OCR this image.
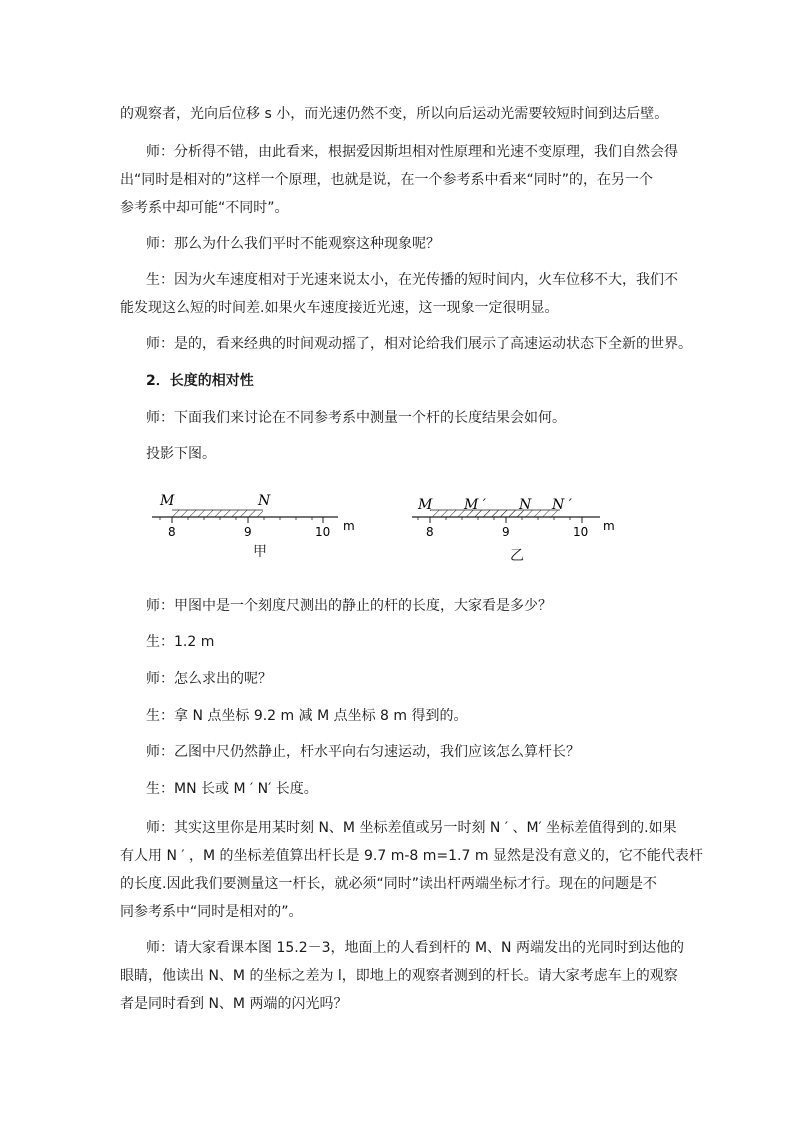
的观察者，光向后位移 s 小，而光速仍然不变，所以向后运动光需要较短时间到达后壁。

师：分析得不错，由此看来，根据爱因斯坦相对性原理和光速不变原理，我们自然会得

出“同时是相对的”这样一个原理，也就是说，在一个参考系中看来“同时”的，在另一个
参考系中却可能“不同时”。

师：那么为什么我们平时不能观察这种现象呢？

生：因为火车速度相对于光速来说太小，在光传播的短时间内，火车位移不大，我们不

能发现这么短的时间差.如果火车速度接近光速，这一现象一定很明显。

师：是的，看来经典的时间观动摇了，相对论给我们展示了高速运动状态下全新的世界。

2．长度的相对性

师：下面我们来讨论在不同参考系中测量一个杆的长度结果会如何。

投影下图。

M	N
8	9	10 m
甲
M M ′ N N ′
8	9	10 m
乙

师：甲图中是一个刻度尺测出的静止的杆的长度，大家看是多少？

生：1.2 m

师：怎么求出的呢？

生：拿 N 点坐标 9.2 m 减 M 点坐标 8 m 得到的。

师：乙图中尺仍然静止，杆水平向右匀速运动，我们应该怎么算杆长？

生：MN 长或 M ′ N′ 长度。

师：其实这里你是用某时刻 N、M 坐标差值或另一时刻 N ′ 、M′ 坐标差值得到的.如果

有人用 N ′ ，M 的坐标差值算出杆长是 9.7 m-8 m=1.7 m 显然是没有意义的，它不能代表杆
的长度.因此我们要测量这一杆长，就必须“同时”读出杆两端坐标才行。现在的问题是不
同参考系中“同时是相对的”。

师：请大家看课本图 15.2－3，地面上的人看到杆的 M、N 两端发出的光同时到达他的

眼睛，他读出 N、M 的坐标之差为 l，即地上的观察者测到的杆长。请大家考虑车上的观察
者是同时看到 N、M 两端的闪光吗？
